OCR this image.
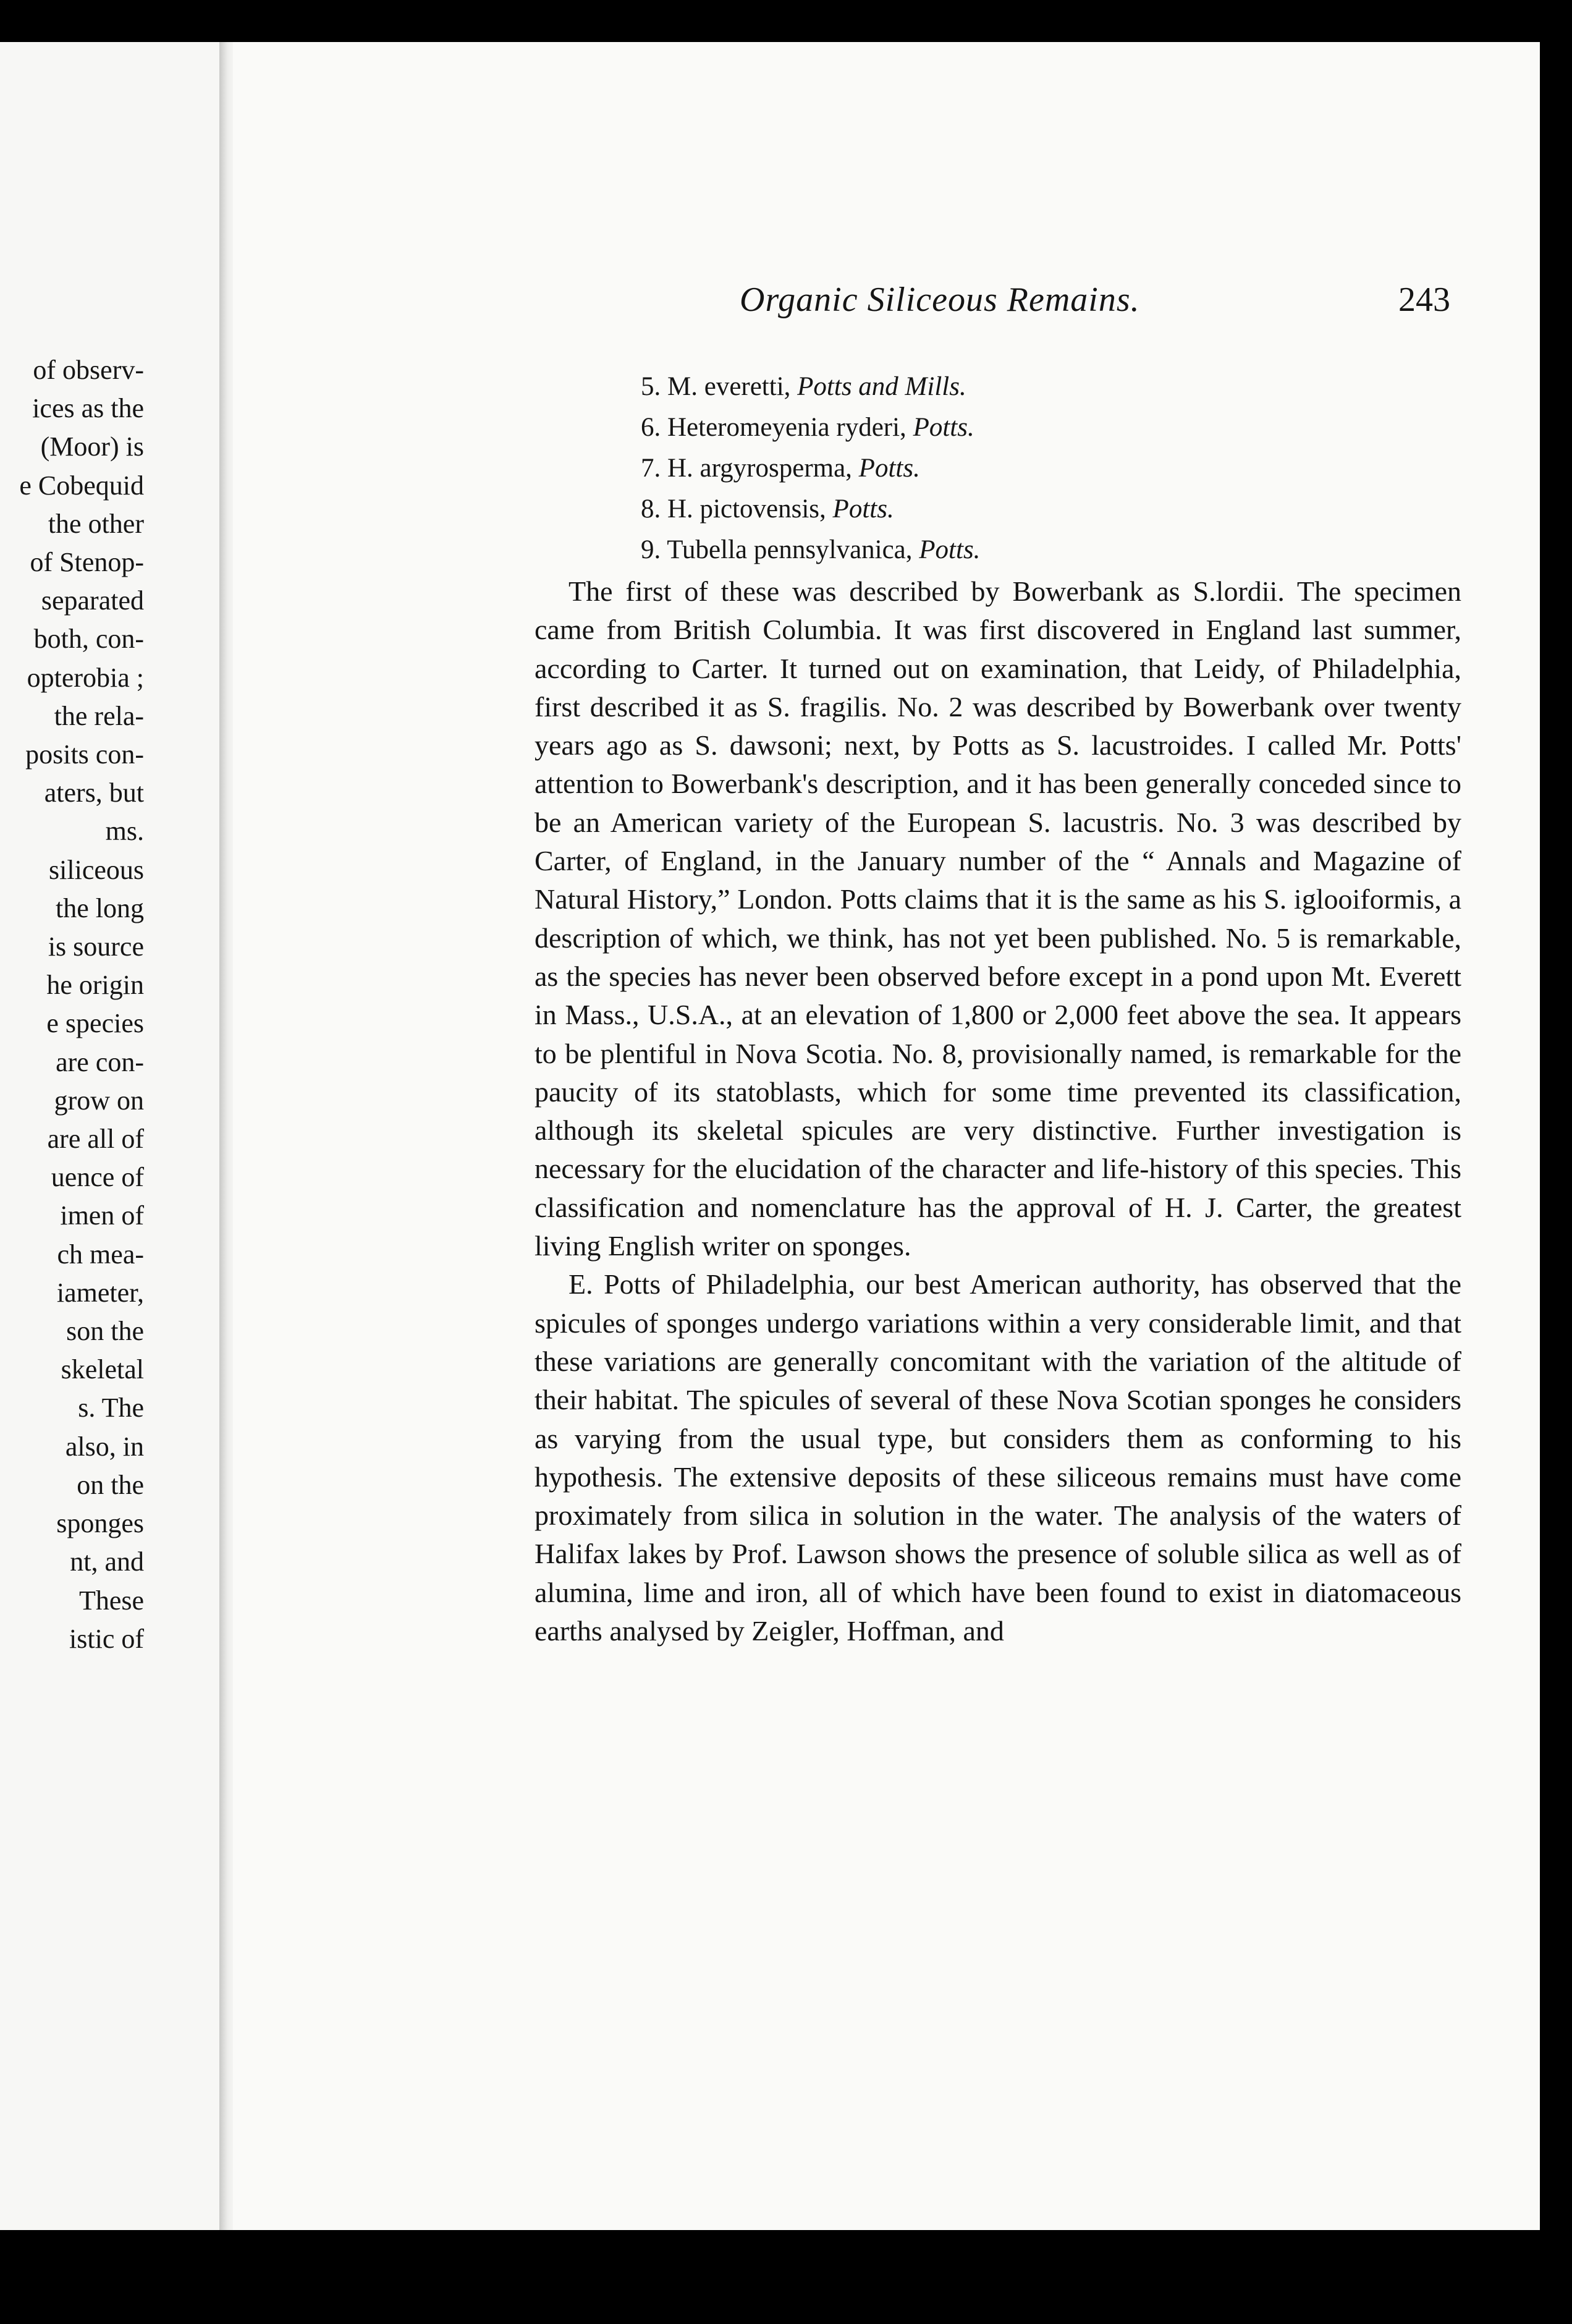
of observ-
ices as the
(Moor) is
e Cobequid
the other
of Stenop-
separated
both, con-
opterobia ;
the rela-
posits con-
aters, but
ms.
siliceous
the long
is source
he origin
e species
are con-
grow on
are all of
uence of
imen of
ch mea-
iameter,
son the
skeletal
s. The
also, in
on the
sponges
nt, and
These
istic of
Organic Siliceous Remains.	243
5. M. everetti, Potts and Mills.
6. Heteromeyenia ryderi, Potts.
7. H. argyrosperma, Potts.
8. H. pictovensis, Potts.
9. Tubella pennsylvanica, Potts.

The first of these was described by Bowerbank as S.lordii. The specimen came from British Columbia. It was first discovered in England last summer, according to Carter. It turned out on examination, that Leidy, of Philadelphia, first described it as S. fragilis. No. 2 was described by Bowerbank over twenty years ago as S. dawsoni; next, by Potts as S. lacustroides. I called Mr. Potts' attention to Bowerbank's description, and it has been generally conceded since to be an American variety of the European S. lacustris. No. 3 was described by Carter, of England, in the January number of the “ Annals and Magazine of Natural History,” London. Potts claims that it is the same as his S. iglooiformis, a description of which, we think, has not yet been published. No. 5 is remarkable, as the species has never been observed before except in a pond upon Mt. Everett in Mass., U.S.A., at an elevation of 1,800 or 2,000 feet above the sea. It appears to be plentiful in Nova Scotia. No. 8, provisionally named, is remarkable for the paucity of its statoblasts, which for some time prevented its classification, although its skeletal spicules are very distinctive. Further investigation is necessary for the elucidation of the character and life-history of this species. This classification and nomenclature has the approval of H. J. Carter, the greatest living English writer on sponges.

E. Potts of Philadelphia, our best American authority, has observed that the spicules of sponges undergo variations within a very considerable limit, and that these variations are generally concomitant with the variation of the altitude of their habitat. The spicules of several of these Nova Scotian sponges he considers as varying from the usual type, but considers them as conforming to his hypothesis. The extensive deposits of these siliceous remains must have come proximately from silica in solution in the water. The analysis of the waters of Halifax lakes by Prof. Lawson shows the presence of soluble silica as well as of alumina, lime and iron, all of which have been found to exist in diatomaceous earths analysed by Zeigler, Hoffman, and
